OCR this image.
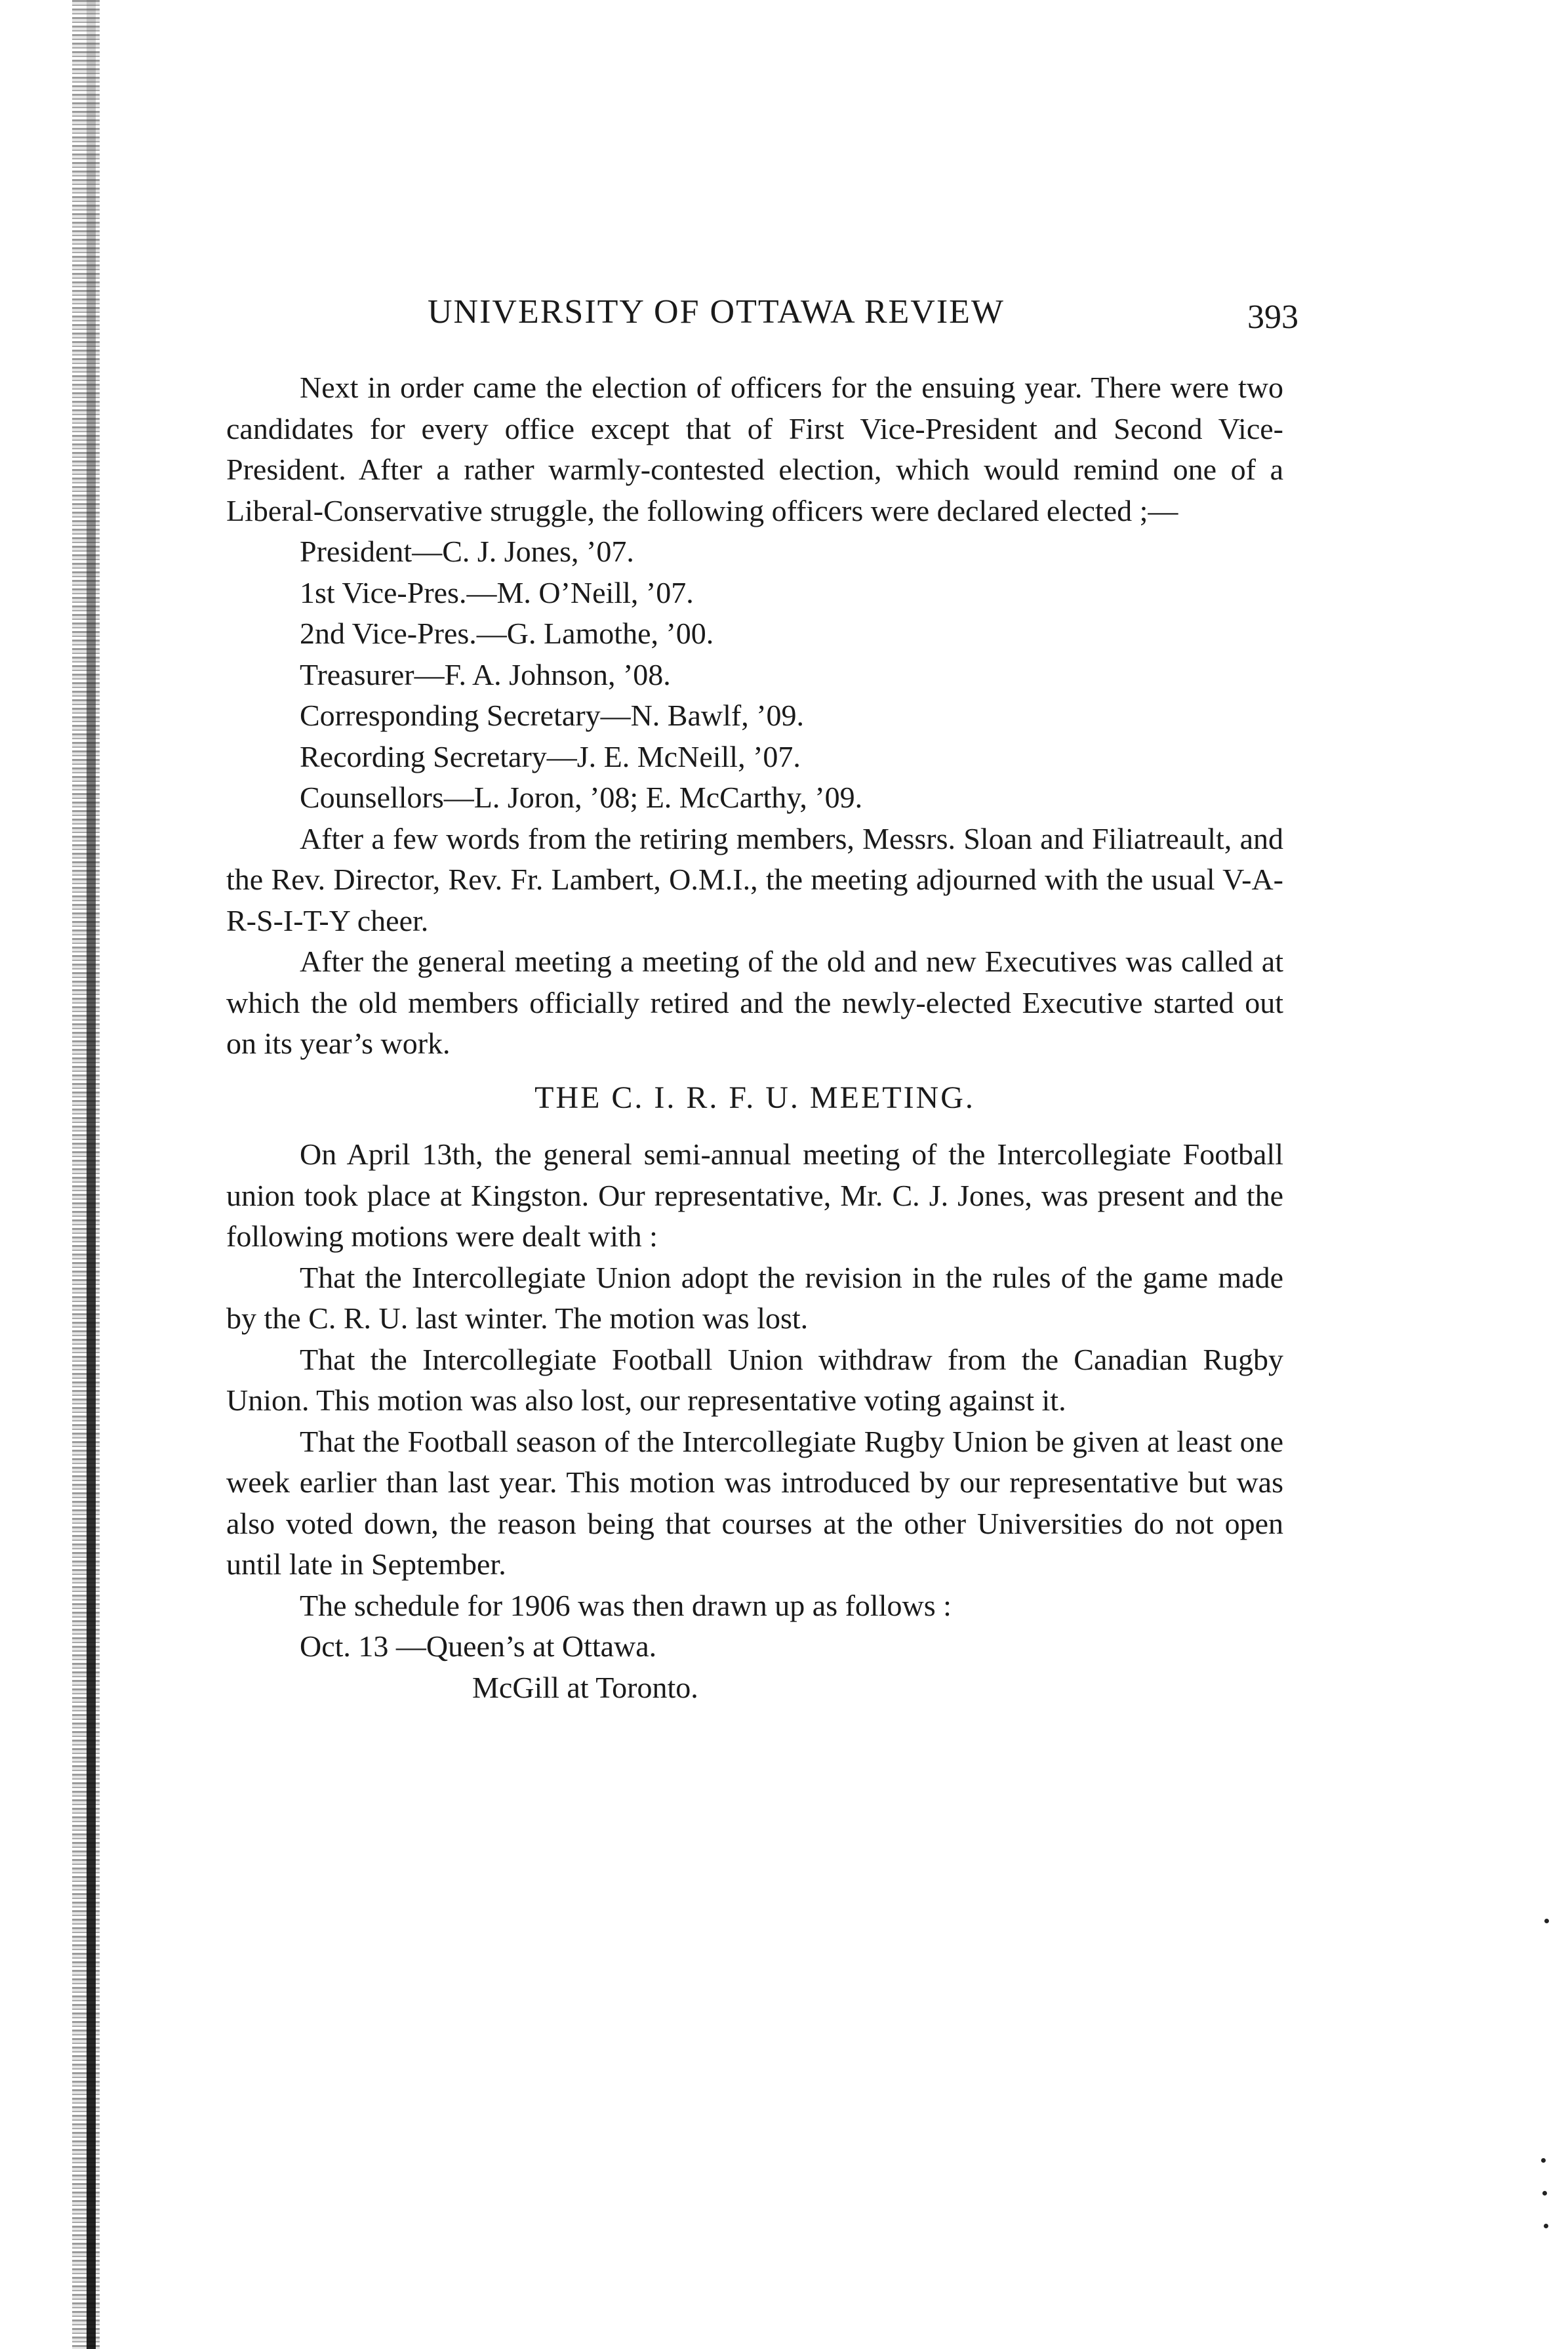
UNIVERSITY OF OTTAWA REVIEW	393

Next in order came the election of officers for the ensuing year. There were two candidates for every office except that of First Vice-President and Second Vice-President. After a rather warmly-contested election, which would remind one of a Liberal-Conservative struggle, the following officers were declared elected ;—

President—C. J. Jones, ’07.
1st Vice-Pres.—M. O’Neill, ’07.
2nd Vice-Pres.—G. Lamothe, ’00.
Treasurer—F. A. Johnson, ’08.
Corresponding Secretary—N. Bawlf, ’09.
Recording Secretary—J. E. McNeill, ’07.
Counsellors—L. Joron, ’08; E. McCarthy, ’09.

After a few words from the retiring members, Messrs. Sloan and Filiatreault, and the Rev. Director, Rev. Fr. Lambert, O.M.I., the meeting adjourned with the usual V-A-R-S-I-T-Y cheer.

After the general meeting a meeting of the old and new Executives was called at which the old members officially retired and the newly-elected Executive started out on its year’s work.

THE C. I. R. F. U. MEETING.

On April 13th, the general semi-annual meeting of the Intercollegiate Football union took place at Kingston. Our representative, Mr. C. J. Jones, was present and the following motions were dealt with :

That the Intercollegiate Union adopt the revision in the rules of the game made by the C. R. U. last winter. The motion was lost.

That the Intercollegiate Football Union withdraw from the Canadian Rugby Union. This motion was also lost, our representative voting against it.

That the Football season of the Intercollegiate Rugby Union be given at least one week earlier than last year. This motion was introduced by our representative but was also voted down, the reason being that courses at the other Universities do not open until late in September.

The schedule for 1906 was then drawn up as follows :

Oct. 13 —Queen’s at Ottawa.
McGill at Toronto.
